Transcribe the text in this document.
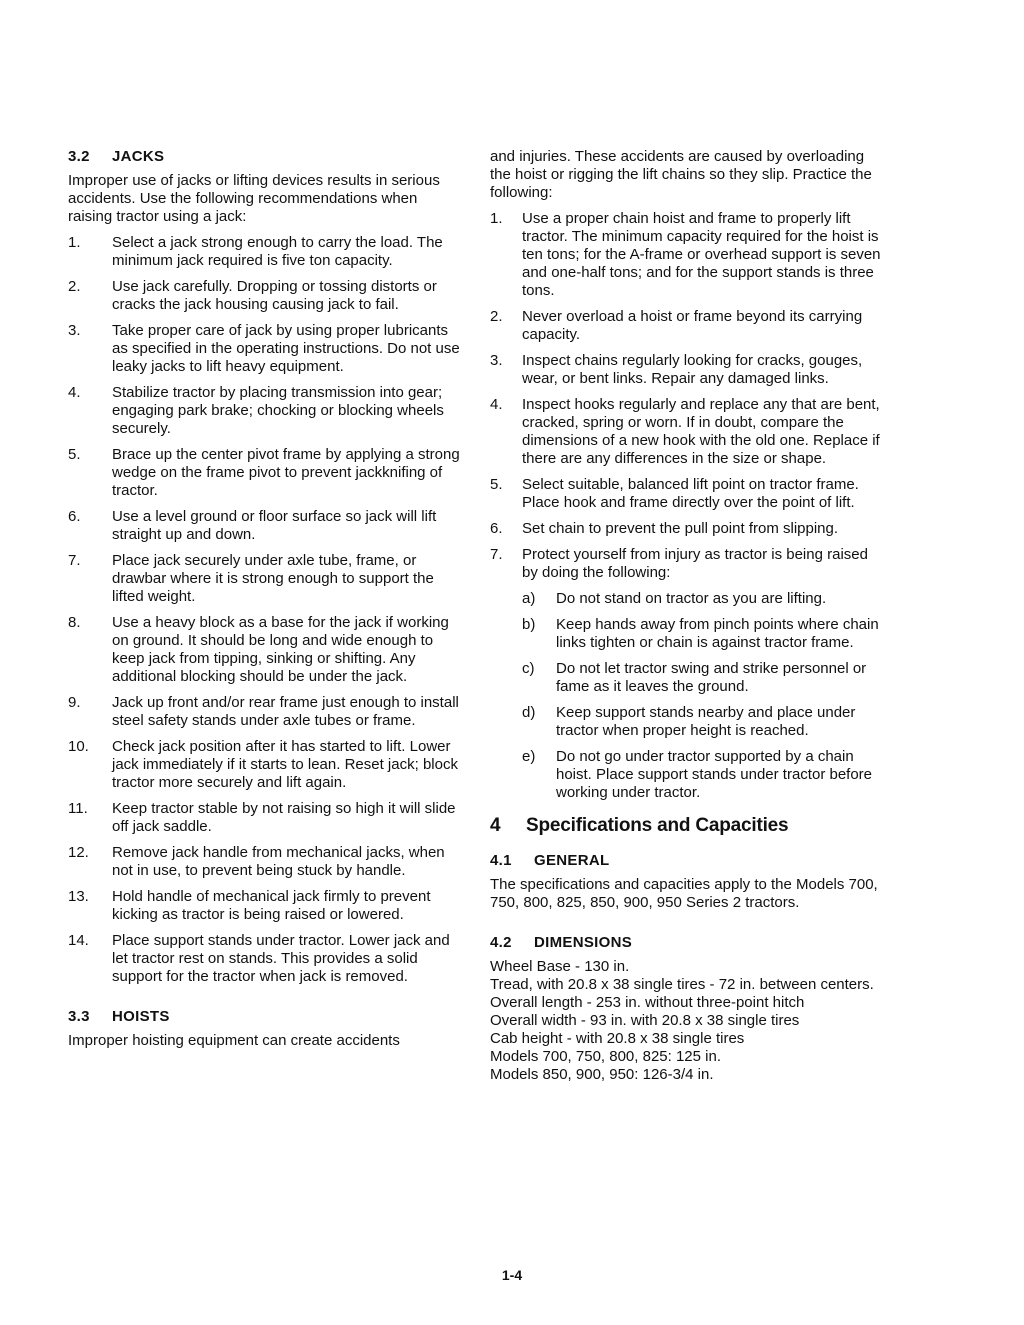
3.2 JACKS

Improper use of jacks or lifting devices results in serious accidents. Use the following recommendations when raising tractor using a jack:

1.	Select a jack strong enough to carry the load. The minimum jack required is five ton capacity.
2.	Use jack carefully. Dropping or tossing distorts or cracks the jack housing causing jack to fail.
3.	Take proper care of jack by using proper lubricants as specified in the operating instructions. Do not use leaky jacks to lift heavy equipment.
4.	Stabilize tractor by placing transmission into gear; engaging park brake; chocking or blocking wheels securely.
5.	Brace up the center pivot frame by applying a strong wedge on the frame pivot to prevent jackknifing of tractor.
6.	Use a level ground or floor surface so jack will lift straight up and down.
7.	Place jack securely under axle tube, frame, or drawbar where it is strong enough to support the lifted weight.
8.	Use a heavy block as a base for the jack if working on ground. It should be long and wide enough to keep jack from tipping, sinking or shifting. Any additional blocking should be under the jack.
9.	Jack up front and/or rear frame just enough to install steel safety stands under axle tubes or frame.
10. Check jack position after it has started to lift. Lower jack immediately if it starts to lean. Reset jack; block tractor more securely and lift again.
11. Keep tractor stable by not raising so high it will slide off jack saddle.
12. Remove jack handle from mechanical jacks, when not in use, to prevent being stuck by handle.
13. Hold handle of mechanical jack firmly to prevent kicking as tractor is being raised or lowered.
14. Place support stands under tractor. Lower jack and let tractor rest on stands. This provides a solid support for the tractor when jack is removed.
3.3 HOISTS

Improper hoisting equipment can create accidents

and injuries. These accidents are caused by overloading the hoist or rigging the lift chains so they slip. Practice the following:

1.	Use a proper chain hoist and frame to properly lift tractor. The minimum capacity required for the hoist is ten tons; for the A-frame or overhead support is seven and one-half tons; and for the support stands is three tons.
2.	Never overload a hoist or frame beyond its carrying capacity.
3.	Inspect chains regularly looking for cracks, gouges, wear, or bent links. Repair any damaged links.
4.	Inspect hooks regularly and replace any that are bent, cracked, spring or worn. If in doubt, compare the dimensions of a new hook with the old one. Replace if there are any differences in the size or shape.
5.	Select suitable, balanced lift point on tractor frame. Place hook and frame directly over the point of lift.
6.	Set chain to prevent the pull point from slipping.
7.	Protect yourself from injury as tractor is being raised by doing the following:
a) Do not stand on tractor as you are lifting.
b) Keep hands away from pinch points where chain links tighten or chain is against tractor frame.
c) Do not let tractor swing and strike personnel or fame as it leaves the ground.
d) Keep support stands nearby and place under tractor when proper height is reached.
e) Do not go under tractor supported by a chain hoist. Place support stands under tractor before working under tractor.
4 Specifications and Capacities
4.1 GENERAL

The specifications and capacities apply to the Models 700, 750, 800, 825, 850, 900, 950 Series 2 tractors.

4.2 DIMENSIONS

Wheel Base - 130 in.

Tread, with 20.8 x 38 single tires - 72 in. between centers.

Overall length - 253 in. without three-point hitch

Overall width - 93 in. with 20.8 x 38 single tires

Cab height - with 20.8 x 38 single tires

Models 700, 750, 800, 825: 125 in.

Models 850, 900, 950: 126-3/4 in.

1-4
